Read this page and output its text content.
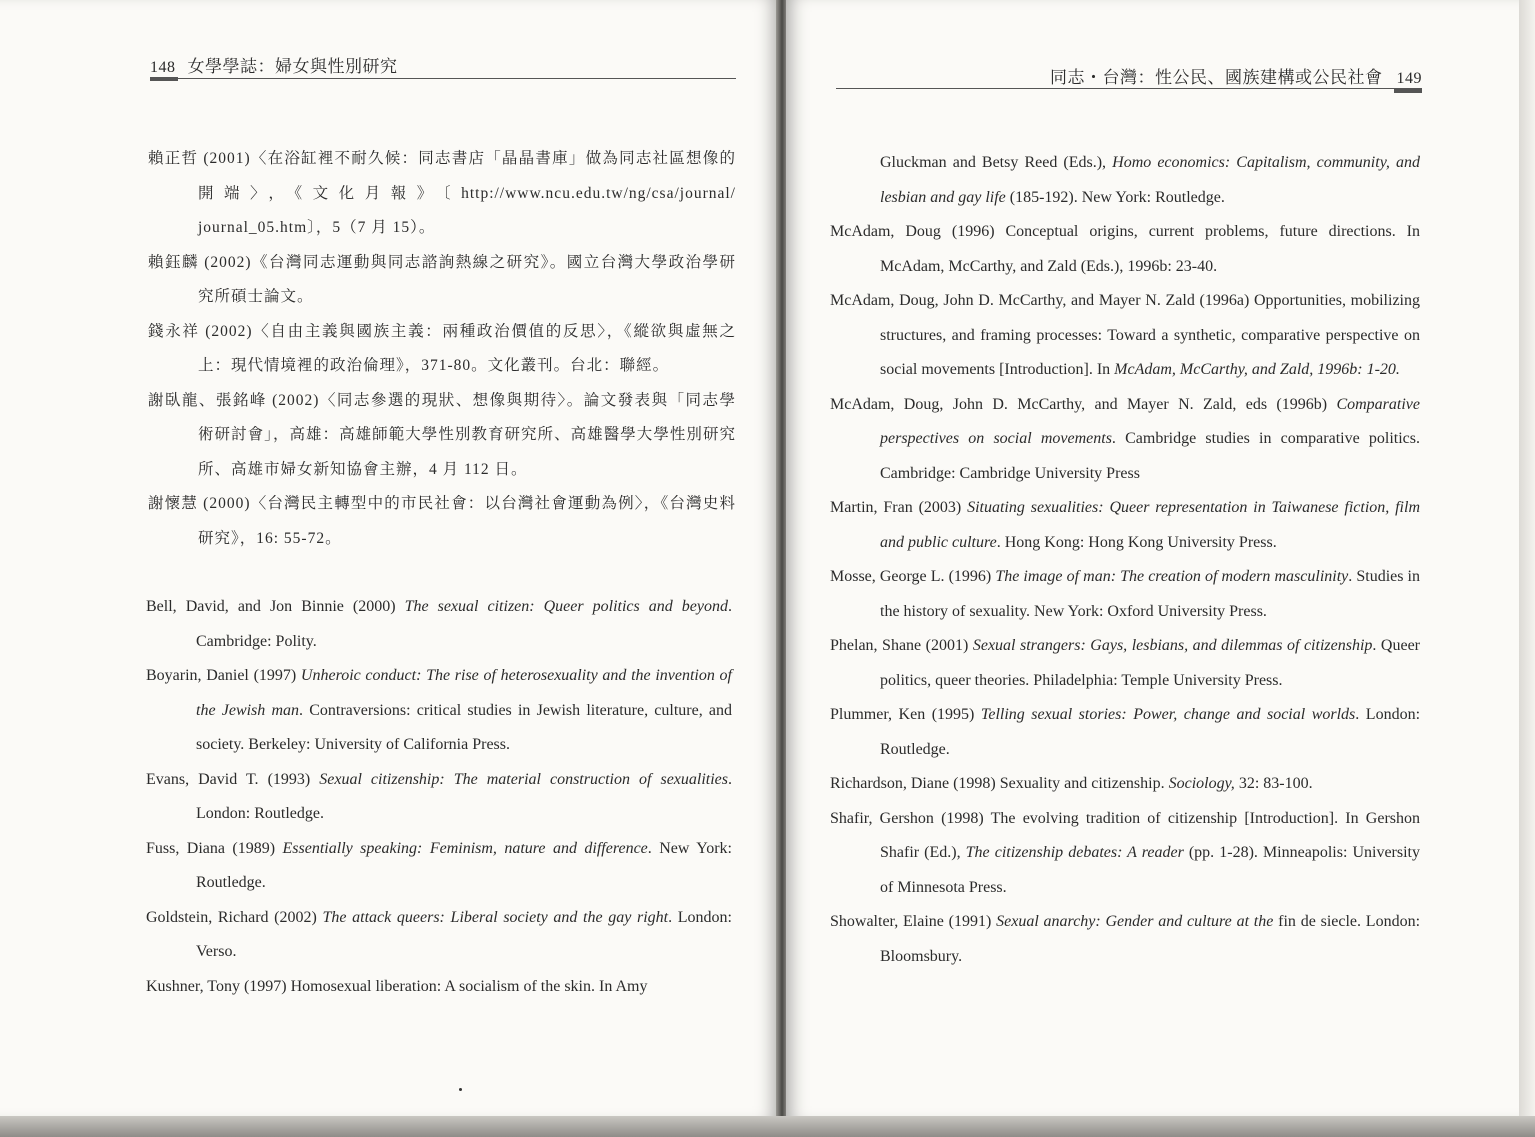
148 女學學誌：婦女與性別研究

賴正哲 (2001)〈在浴缸裡不耐久候：同志書店「晶晶書庫」做為同志社區想像的開端〉，《文化月報》〔http://www.ncu.edu.tw/ng/csa/journal/ journal_05.htm〕，5（7 月 15）。

賴鈺麟 (2002)《台灣同志運動與同志諮詢熱線之研究》。國立台灣大學政治學研究所碩士論文。

錢永祥 (2002)〈自由主義與國族主義：兩種政治價值的反思〉，《縱欲與虛無之上：現代情境裡的政治倫理》，371-80。文化叢刊。台北：聯經。

謝臥龍、張銘峰 (2002)〈同志參選的現狀、想像與期待〉。論文發表與「同志學術研討會」，高雄：高雄師範大學性別教育研究所、高雄醫學大學性別研究所、高雄市婦女新知協會主辦，4 月 112 日。

謝懷慧 (2000)〈台灣民主轉型中的市民社會：以台灣社會運動為例〉，《台灣史料研究》，16: 55-72。

Bell, David, and Jon Binnie (2000) The sexual citizen: Queer politics and beyond. Cambridge: Polity.

Boyarin, Daniel (1997) Unheroic conduct: The rise of heterosexuality and the invention of the Jewish man. Contraversions: critical studies in Jewish literature, culture, and society. Berkeley: University of California Press.

Evans, David T. (1993) Sexual citizenship: The material construction of sexualities. London: Routledge.

Fuss, Diana (1989) Essentially speaking: Feminism, nature and difference. New York: Routledge.

Goldstein, Richard (2002) The attack queers: Liberal society and the gay right. London: Verso.

Kushner, Tony (1997) Homosexual liberation: A socialism of the skin. In Amy

同志・台灣：性公民、國族建構或公民社會 149

Gluckman and Betsy Reed (Eds.), Homo economics: Capitalism, community, and lesbian and gay life (185-192). New York: Routledge.

McAdam, Doug (1996) Conceptual origins, current problems, future directions. In McAdam, McCarthy, and Zald (Eds.), 1996b: 23-40.

McAdam, Doug, John D. McCarthy, and Mayer N. Zald (1996a) Opportunities, mobilizing structures, and framing processes: Toward a synthetic, comparative perspective on social movements [Introduction]. In McAdam, McCarthy, and Zald, 1996b: 1-20.

McAdam, Doug, John D. McCarthy, and Mayer N. Zald, eds (1996b) Comparative perspectives on social movements. Cambridge studies in comparative politics. Cambridge: Cambridge University Press

Martin, Fran (2003) Situating sexualities: Queer representation in Taiwanese fiction, film and public culture. Hong Kong: Hong Kong University Press.

Mosse, George L. (1996) The image of man: The creation of modern masculinity. Studies in the history of sexuality. New York: Oxford University Press.

Phelan, Shane (2001) Sexual strangers: Gays, lesbians, and dilemmas of citizenship. Queer politics, queer theories. Philadelphia: Temple University Press.

Plummer, Ken (1995) Telling sexual stories: Power, change and social worlds. London: Routledge.

Richardson, Diane (1998) Sexuality and citizenship. Sociology, 32: 83-100.

Shafir, Gershon (1998) The evolving tradition of citizenship [Introduction]. In Gershon Shafir (Ed.), The citizenship debates: A reader (pp. 1-28). Minneapolis: University of Minnesota Press.

Showalter, Elaine (1991) Sexual anarchy: Gender and culture at the fin de siecle. London: Bloomsbury.
